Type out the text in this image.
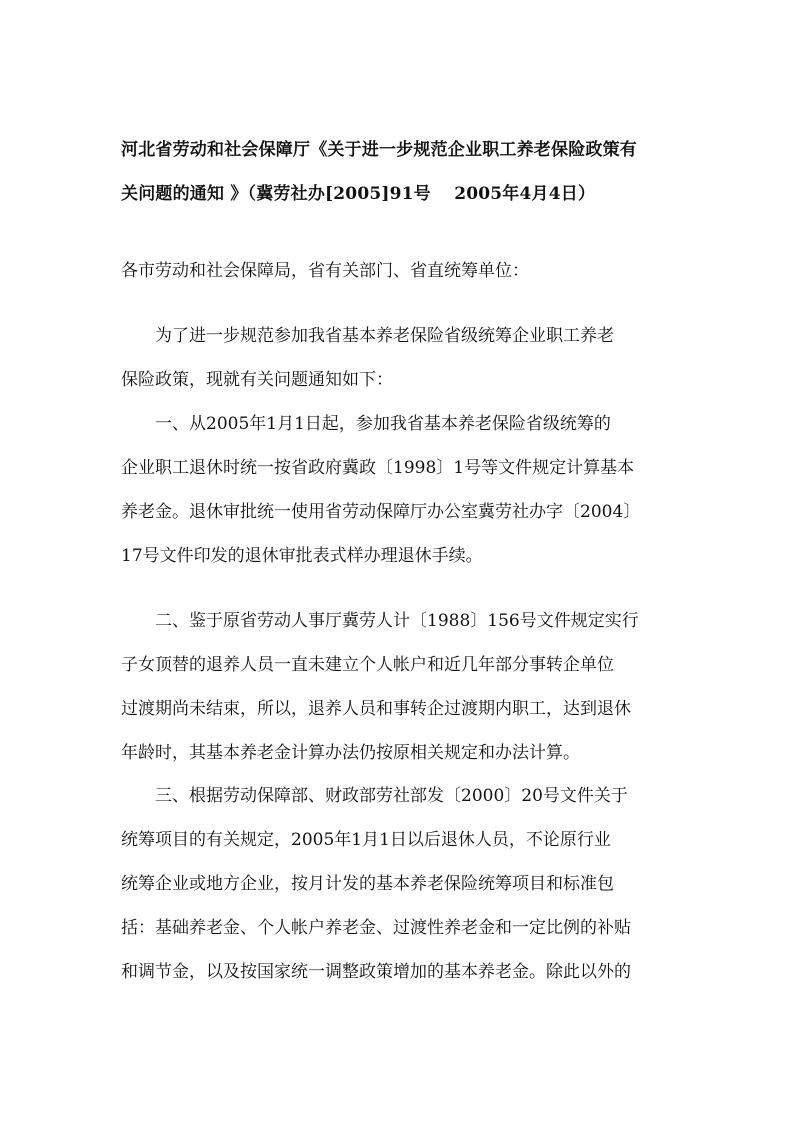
河北省劳动和社会保障厅《关于进一步规范企业职工养老保险政策有
关问题的通知 》（冀劳社办[2005]91号　 2005年4月4日）
各市劳动和社会保障局，省有关部门、省直统筹单位：
　　为了进一步规范参加我省基本养老保险省级统筹企业职工养老
保险政策，现就有关问题通知如下：
　　一、从2005年1月1日起，参加我省基本养老保险省级统筹的
企业职工退休时统一按省政府冀政〔1998〕1号等文件规定计算基本
养老金。退休审批统一使用省劳动保障厅办公室冀劳社办字〔2004〕
17号文件印发的退休审批表式样办理退休手续。
　　二、鉴于原省劳动人事厅冀劳人计〔1988〕156号文件规定实行
子女顶替的退养人员一直未建立个人帐户和近几年部分事转企单位
过渡期尚未结束，所以，退养人员和事转企过渡期内职工，达到退休
年龄时，其基本养老金计算办法仍按原相关规定和办法计算。
　　三、根据劳动保障部、财政部劳社部发〔2000〕20号文件关于
统筹项目的有关规定，2005年1月1日以后退休人员，不论原行业
统筹企业或地方企业，按月计发的基本养老保险统筹项目和标准包
括：基础养老金、个人帐户养老金、过渡性养老金和一定比例的补贴
和调节金，以及按国家统一调整政策增加的基本养老金。除此以外的
